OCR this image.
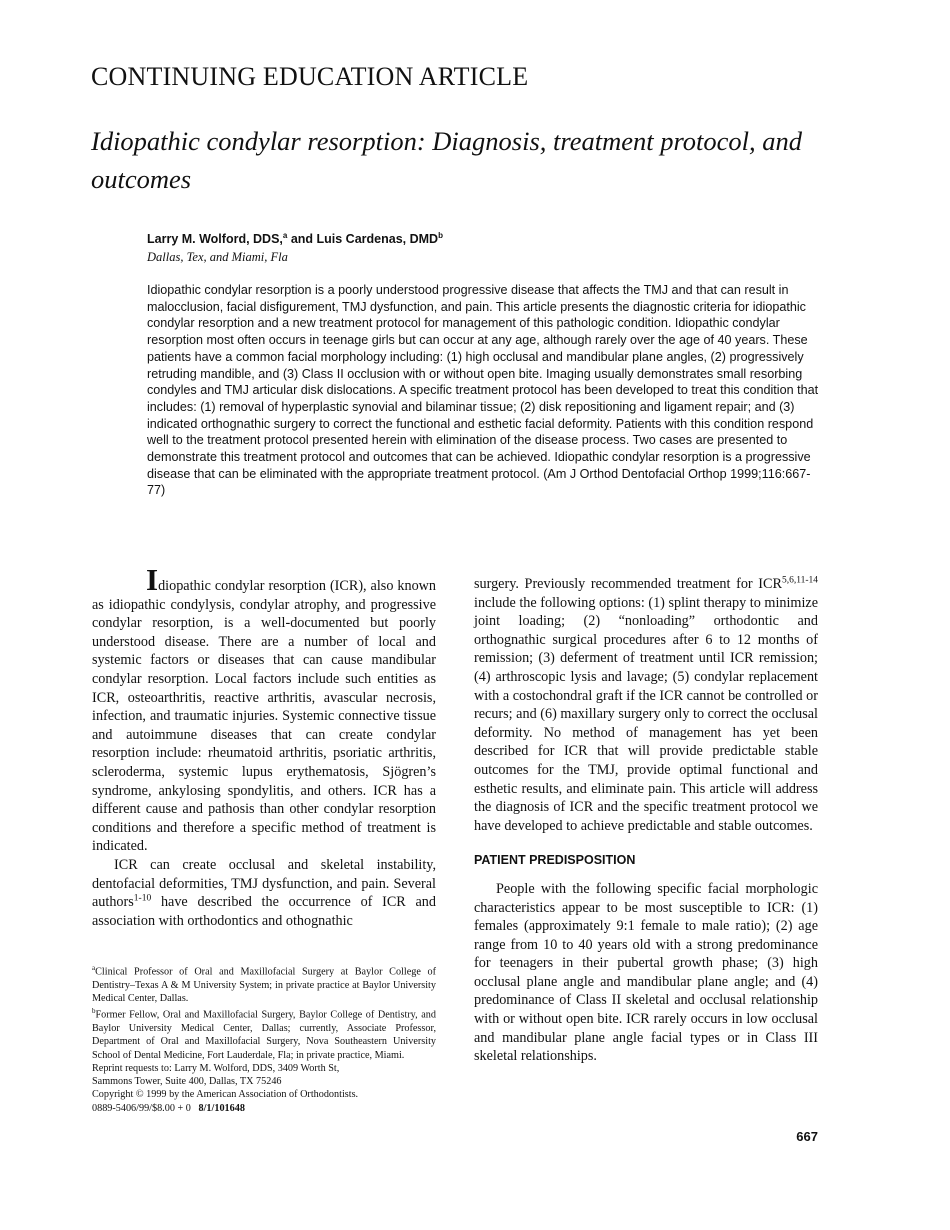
CONTINUING EDUCATION ARTICLE
Idiopathic condylar resorption: Diagnosis, treatment protocol, and outcomes
Larry M. Wolford, DDS,$^a$ and Luis Cardenas, DMD$^b$
Dallas, Tex, and Miami, Fla

Idiopathic condylar resorption is a poorly understood progressive disease that affects the TMJ and that can result in malocclusion, facial disfigurement, TMJ dysfunction, and pain. This article presents the diagnostic criteria for idiopathic condylar resorption and a new treatment protocol for management of this pathologic condition. Idiopathic condylar resorption most often occurs in teenage girls but can occur at any age, although rarely over the age of 40 years. These patients have a common facial morphology including: (1) high occlusal and mandibular plane angles, (2) progressively retruding mandible, and (3) Class II occlusion with or without open bite. Imaging usually demonstrates small resorbing condyles and TMJ articular disk dislocations. A specific treatment protocol has been developed to treat this condition that includes: (1) removal of hyperplastic synovial and bilaminar tissue; (2) disk repositioning and ligament repair; and (3) indicated orthognathic surgery to correct the functional and esthetic facial deformity. Patients with this condition respond well to the treatment protocol presented herein with elimination of the disease process. Two cases are presented to demonstrate this treatment protocol and outcomes that can be achieved. Idiopathic condylar resorption is a progressive disease that can be eliminated with the appropriate treatment protocol. (Am J Orthod Dentofacial Orthop 1999;116:667-77)

Idiopathic condylar resorption (ICR), also known as idiopathic condylysis, condylar atrophy, and progressive condylar resorption, is a well-documented but poorly understood disease. There are a number of local and systemic factors or diseases that can cause mandibular condylar resorption. Local factors include such entities as ICR, osteoarthritis, reactive arthritis, avascular necrosis, infection, and traumatic injuries. Systemic connective tissue and autoimmune diseases that can create condylar resorption include: rheumatoid arthritis, psoriatic arthritis, scleroderma, systemic lupus erythematosis, Sjögren’s syndrome, ankylosing spondylitis, and others. ICR has a different cause and pathosis than other condylar resorption conditions and therefore a specific method of treatment is indicated.

ICR can create occlusal and skeletal instability, dentofacial deformities, TMJ dysfunction, and pain. Several authors$^{1-10}$ have described the occurrence of ICR and association with orthodontics and othognathic

surgery. Previously recommended treatment for ICR$^{5,6,11-14}$ include the following options: (1) splint therapy to minimize joint loading; (2) “nonloading” orthodontic and orthognathic surgical procedures after 6 to 12 months of remission; (3) deferment of treatment until ICR remission; (4) arthroscopic lysis and lavage; (5) condylar replacement with a costochondral graft if the ICR cannot be controlled or recurs; and (6) maxillary surgery only to correct the occlusal deformity. No method of management has yet been described for ICR that will provide predictable stable outcomes for the TMJ, provide optimal functional and esthetic results, and eliminate pain. This article will address the diagnosis of ICR and the specific treatment protocol we have developed to achieve predictable and stable outcomes.

PATIENT PREDISPOSITION

People with the following specific facial morphologic characteristics appear to be most susceptible to ICR: (1) females (approximately 9:1 female to male ratio); (2) age range from 10 to 40 years old with a strong predominance for teenagers in their pubertal growth phase; (3) high occlusal plane angle and mandibular plane angle; and (4) predominance of Class II skeletal and occlusal relationship with or without open bite. ICR rarely occurs in low occlusal and mandibular plane angle facial types or in Class III skeletal relationships.

$^a$Clinical Professor of Oral and Maxillofacial Surgery at Baylor College of Dentistry–Texas A & M University System; in private practice at Baylor University Medical Center, Dallas.

$^b$Former Fellow, Oral and Maxillofacial Surgery, Baylor College of Dentistry, and Baylor University Medical Center, Dallas; currently, Associate Professor, Department of Oral and Maxillofacial Surgery, Nova Southeastern University School of Dental Medicine, Fort Lauderdale, Fla; in private practice, Miami.

Reprint requests to: Larry M. Wolford, DDS, 3409 Worth St,
Sammons Tower, Suite 400, Dallas, TX 75246

Copyright © 1999 by the American Association of Orthodontists.

0889-5406/99/$8.00 + 0 8/1/101648

667
